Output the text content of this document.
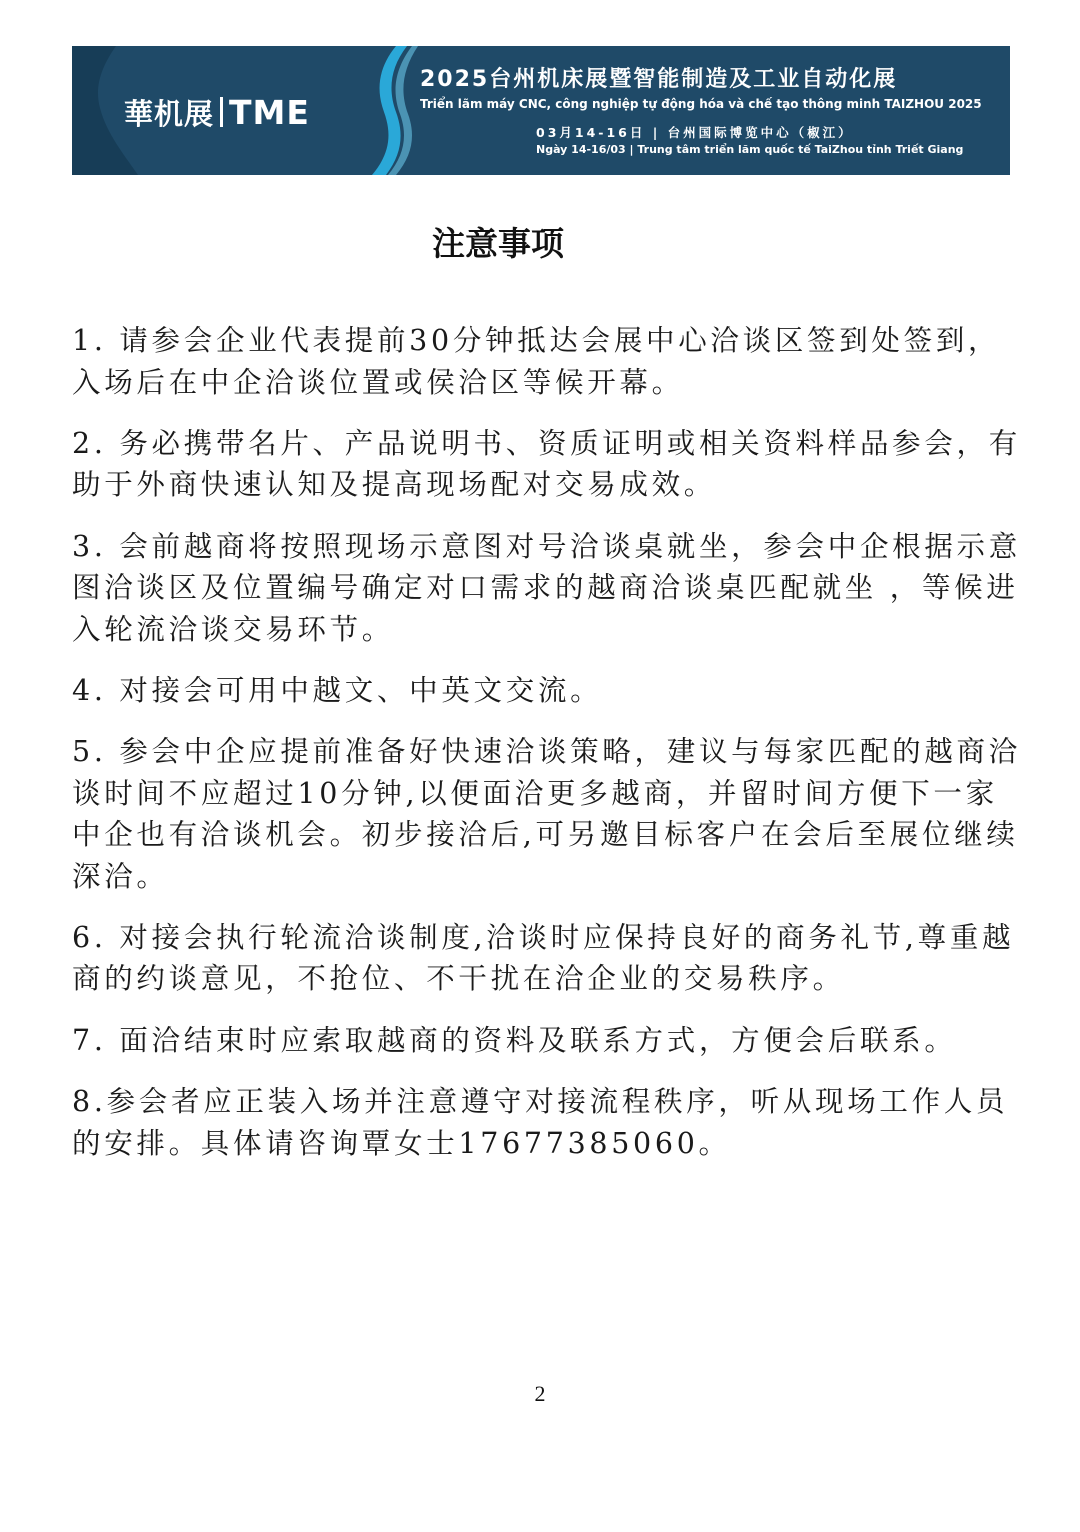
華机展 TME
2025台州机床展暨智能制造及工业自动化展
Triển lãm máy CNC, công nghiệp tự động hóa và chế tạo thông minh TAIZHOU 2025
03月14-16日 | 台州国际博览中心（椒江）
Ngày 14-16/03 | Trung tâm triển lãm quốc tế TaiZhou tỉnh Triết Giang
注意事项

1. 请参会企业代表提前30分钟抵达会展中心洽谈区签到处签到，入场后在中企洽谈位置或侯洽区等候开幕。

2. 务必携带名片、产品说明书、资质证明或相关资料样品参会，有助于外商快速认知及提高现场配对交易成效。

3. 会前越商将按照现场示意图对号洽谈桌就坐，参会中企根据示意 图洽谈区及位置编号确定对口需求的越商洽谈桌匹配就坐 ，等候进入轮流洽谈交易环节。

4. 对接会可用中越文、中英文交流。

5. 参会中企应提前准备好快速洽谈策略，建议与每家匹配的越商洽谈时间不应超过10分钟,以便面洽更多越商，并留时间方便下一家 中企也有洽谈机会。初步接洽后,可另邀目标客户在会后至展位继续深洽。

6. 对接会执行轮流洽谈制度,洽谈时应保持良好的商务礼节,尊重越商的约谈意见，不抢位、不干扰在洽企业的交易秩序。

7. 面洽结束时应索取越商的资料及联系方式，方便会后联系。

8.参会者应正装入场并注意遵守对接流程秩序，听从现场工作人员的安排。具体请咨询覃女士17677385060。

2
